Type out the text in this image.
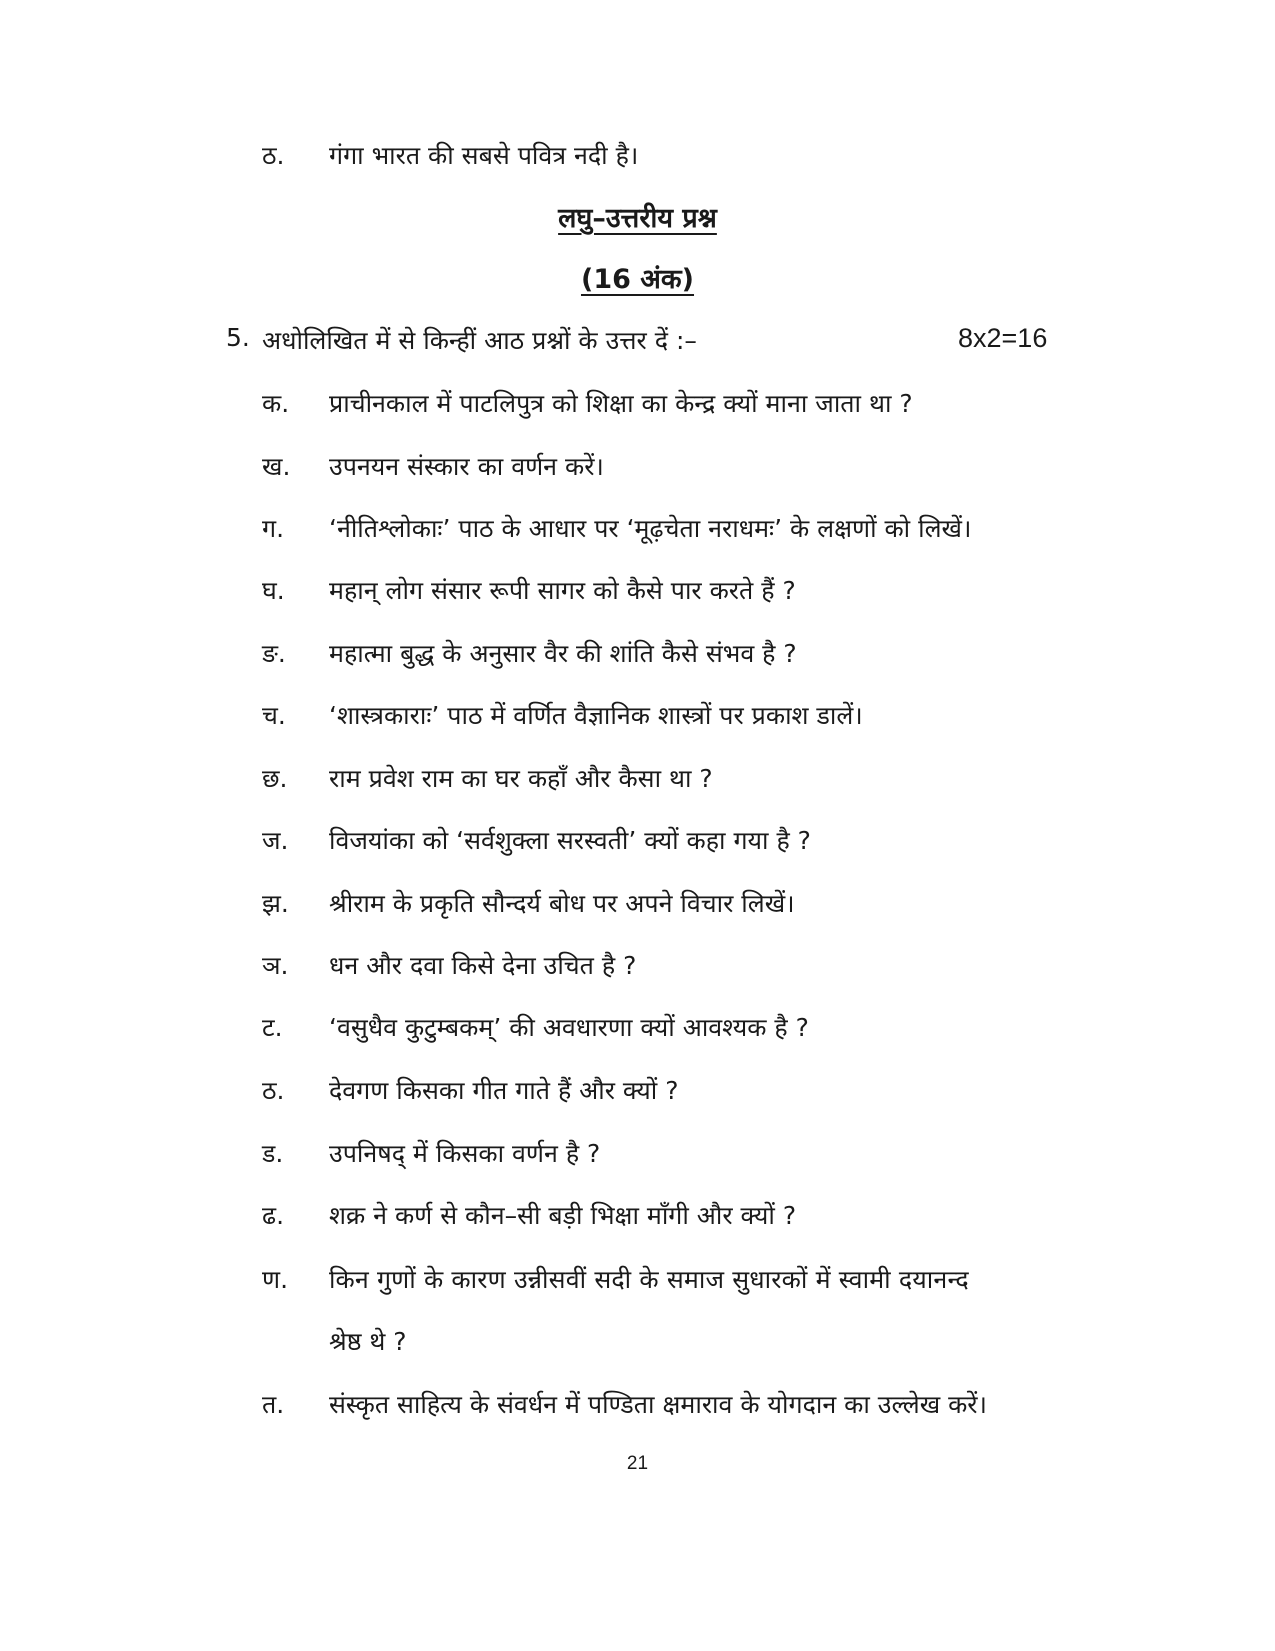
ठ.	गंगा भारत की सबसे पवित्र नदी है।
लघु–उत्तरीय प्रश्न
(16 अंक)
5. अधोलिखित में से किन्हीं आठ प्रश्नों के उत्तर दें :–	8x2=16
क.	प्राचीनकाल में पाटलिपुत्र को शिक्षा का केन्द्र क्यों माना जाता था ?
ख.	उपनयन संस्कार का वर्णन करें।
ग.	‘नीतिश्लोकाः’ पाठ के आधार पर ‘मूढ़चेता नराधमः’ के लक्षणों को लिखें।
घ.	महान् लोग संसार रूपी सागर को कैसे पार करते हैं ?
ङ.	महात्मा बुद्ध के अनुसार वैर की शांति कैसे संभव है ?
च.	‘शास्त्रकाराः’ पाठ में वर्णित वैज्ञानिक शास्त्रों पर प्रकाश डालें।
छ.	राम प्रवेश राम का घर कहाँ और कैसा था ?
ज.	विजयांका को ‘सर्वशुक्ला सरस्वती’ क्यों कहा गया है ?
झ.	श्रीराम के प्रकृति सौन्दर्य बोध पर अपने विचार लिखें।
ञ.	धन और दवा किसे देना उचित है ?
ट.	‘वसुधैव कुटुम्बकम्’ की अवधारणा क्यों आवश्यक है ?
ठ.	देवगण किसका गीत गाते हैं और क्यों ?
ड.	उपनिषद् में किसका वर्णन है ?
ढ.	शक्र ने कर्ण से कौन–सी बड़ी भिक्षा माँगी और क्यों ?
ण.	किन गुणों के कारण उन्नीसवीं सदी के समाज सुधारकों में स्वामी दयानन्द
श्रेष्ठ थे ?
त.	संस्कृत साहित्य के संवर्धन में पण्डिता क्षमाराव के योगदान का उल्लेख करें।
21
